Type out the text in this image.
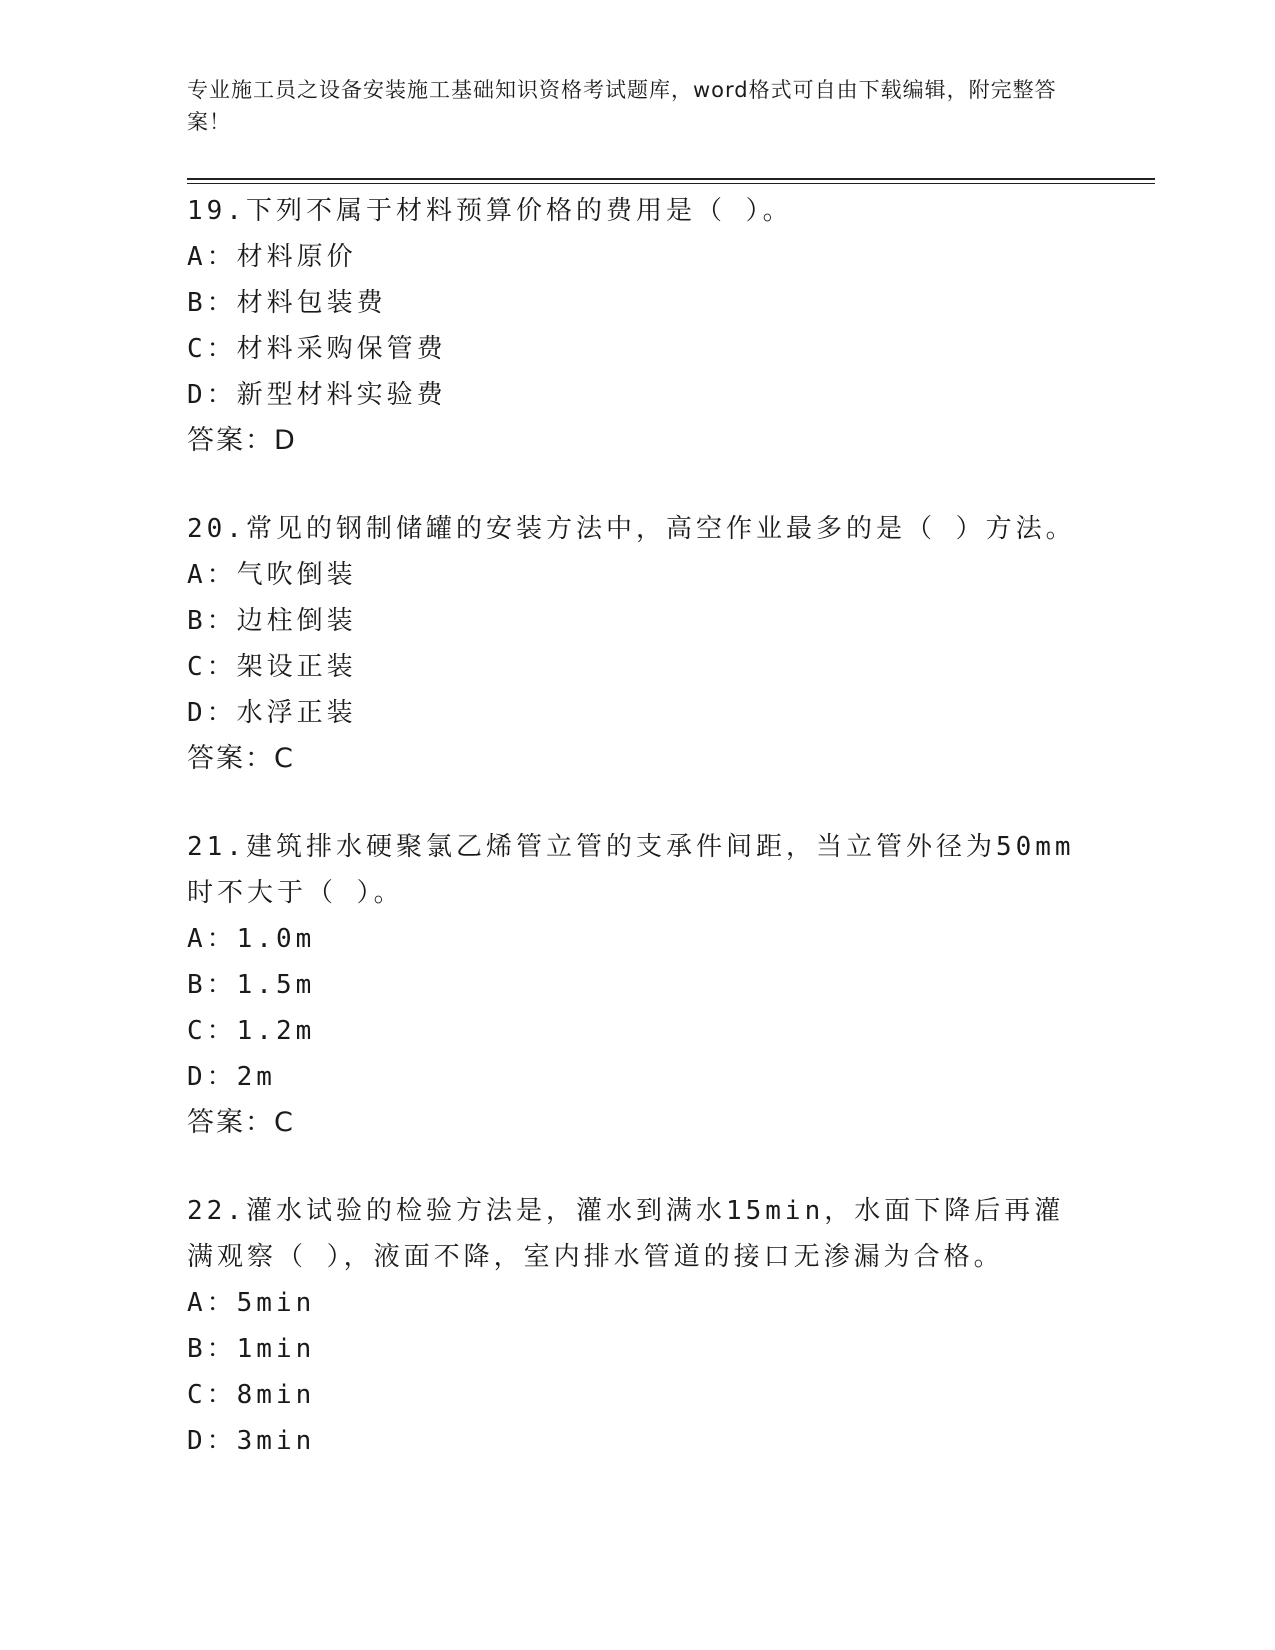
专业施工员之设备安装施工基础知识资格考试题库，word格式可自由下载编辑，附完整答案！
19.下列不属于材料预算价格的费用是（ ）。
A：材料原价
B：材料包装费
C：材料采购保管费
D：新型材料实验费
答案：D
20.常见的钢制储罐的安装方法中，高空作业最多的是（ ）方法。
A：气吹倒装
B：边柱倒装
C：架设正装
D：水浮正装
答案：C
21.建筑排水硬聚氯乙烯管立管的支承件间距，当立管外径为50mm时不大于（ ）。
A：1.0m
B：1.5m
C：1.2m
D：2m
答案：C
22.灌水试验的检验方法是，灌水到满水15min，水面下降后再灌满观察（ ），液面不降，室内排水管道的接口无渗漏为合格。
A：5min
B：1min
C：8min
D：3min
